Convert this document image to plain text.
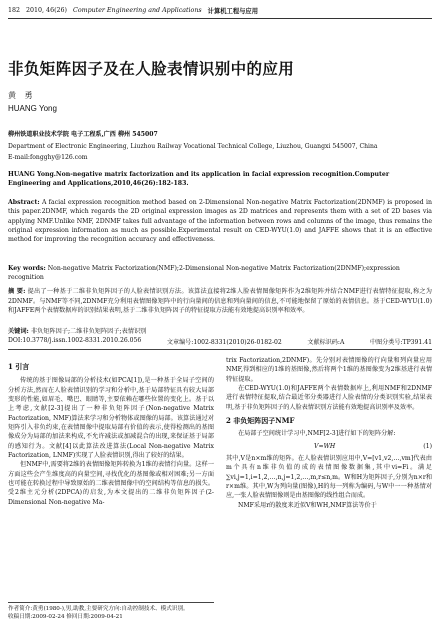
182 2010, 46(26) Computer Engineering and Applications 计算机工程与应用
非负矩阵因子及在人脸表情识别中的应用
黄 勇
HUANG Yong
柳州铁道职业技术学院 电子工程系,广西 柳州 545007
Department of Electronic Engineering, Liuzhou Railway Vocational Technical College, Liuzhou, Guangxi 545007, China
E-mail:fongghy@126.com
HUANG Yong.Non-negative matrix factorization and its application in facial expression recognition.Computer Engineering and Applications,2010,46(26):182-183.
Abstract: A facial expression recognition method based on 2-Dimensional Non-negative Matrix Factorization(2DNMF) is proposed in this paper.2DNMF, which regards the 2D original expression images as 2D matrices and represents them with a set of 2D bases via applying NMF.Unlike NMF, 2DNMF takes full advantage of the information between rows and columns of the image, thus remains the original expression information as much as possible.Experimental result on CED-WYU(1.0) and JAFFE shows that it is an effective method for improving the recognition accuracy and effectiveness.
Key words: Non-negative Matrix Factorization(NMF);2-Dimensional Non-negative Matrix Factorization(2DNMF);expression recognition
摘 要: 提出了一种基于二维非负矩阵因子的人脸表情识别方法。该算法直接将2维人脸表情图像矩阵作为2维矩阵并结合NMF进行表情特征提取,称之为2DNMF。与NMF等不同,2DNMF充分利用表情图像矩阵中的行向量间的信息和列向量间的信息,不可能地保留了原始的表情信息。基于CED-WYU(1.0)和JAFFE两个表情数据库的识别结果表明,基于二维非负矩阵因子的特征提取方法能有效地提高识别率和效率。
关键词: 非负矩阵因子;二维非负矩阵因子;表情识别
DOI:10.3778/j.issn.1002-8331.2010.26.056	文章编号:1002-8331(2010)26-0182-02	文献标识码:A	中图分类号:TP391.41
1 引言

传统的基于图像局部的分析技术(如PCA[1]),是一种基于全局子空间的分析方法,然而在人脸表情识别的学习和分析中,基于局部特征具有较大局部变形的性能,如眉毛、嘴巴、眼睛等,主要依赖在哪些位置的变化上。基于以上考虑,文献[2-3]提出了一种非负矩阵因子(Non-negative Matrix Factorization, NMF)算法来学习和分析物体或图像的局部。该算法通过对矩阵引入非负约束,在表情图像中提取局部有价值的表示,使得检测出的基图像成分为局部的加法来构成,不允许减法或加减混合的出现,来保证基于局部的感知行为。文献[4]以此算法改进算法(Local Non-negative Matrix Factorization, LNMF)实现了人脸表情识别,得出了较好的结果。

但NMF中,需要将2维的表情图像矩阵转换为1维的表情行向量。这样一方面这些会产生维度高的向量空间,寻找优化的基图像或相对困难;另一方面也可能在转换过程中导致原始的二维表情图像中的空间结构等信息的损失。受2维主元分析(2DPCA)的启发,为本文提出的二维非负矩阵因子(2-Dimensional Non-negative Ma-

trix Factorization,2DNMF)。先分别对表情图像的行向量和列向量应用NMF,得到相应的1维的基图像,然后将两个1维的基图像变为2维基进行表情特征提取。

在CED-WYU(1.0)和JAFFE两个表情数据库上,利用NMF和2DNMF进行表情特征提取,结合最近邻分类器进行人脸表情的分类识别实验,结果表明,基于非负矩阵因子的人脸表情识别方法能有效地提高识别率及效率。

2 非负矩阵因子NMF

在局部子空间统计学习中,NMF[2-3]进行如下的矩阵分解:

V≈WH	(1)

其中,V是n×m维的矩阵。在人脸表情识别应用中,V=[v1,v2,…,vm]代表由m个具有n维非负值的成的表情图像数据集,其中vi=Fi。满足∑vi,j=1,i=1,2,…,n,j=1,2,…,m,r≤n,m。W和H为矩阵因子,分别为n×r和r×m维。其中,W为列向量(图像),H的每一列称为编码,与W中一一种基情对应,一张人脸表情图像则是由基图像的线性组合而成。

NMF采用r的散度来近似V和WH,NMF算法等价于

作者简介:黄勇(1980-),男,助教,主要研究方向:自动控制技术、模式识别。
收稿日期:2009-02-24 修回日期:2009-04-21
